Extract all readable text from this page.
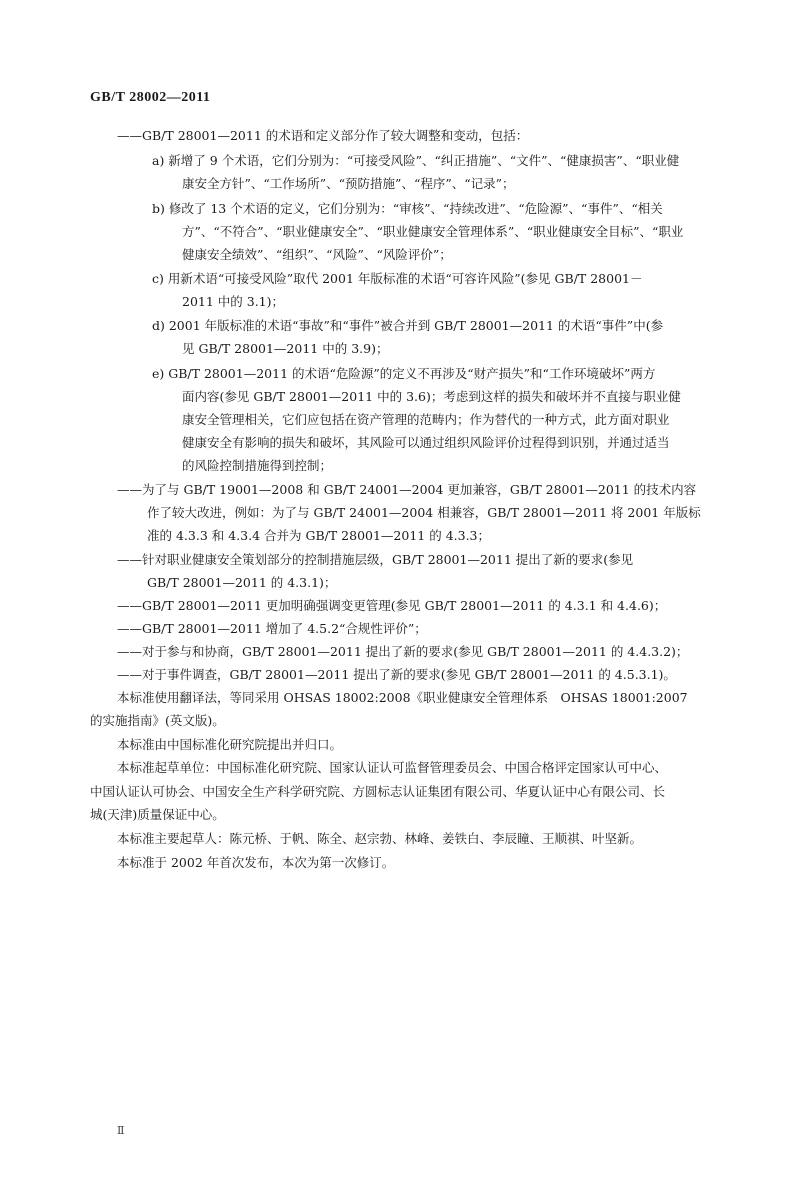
GB/T 28002—2011
——GB/T 28001—2011 的术语和定义部分作了较大调整和变动，包括：
a) 新增了 9 个术语，它们分别为：“可接受风险”、“纠正措施”、“文件”、“健康损害”、“职业健
康安全方针”、“工作场所”、“预防措施”、“程序”、“记录”；
b) 修改了 13 个术语的定义，它们分别为：“审核”、“持续改进”、“危险源”、“事件”、“相关
方”、“不符合”、“职业健康安全”、“职业健康安全管理体系”、“职业健康安全目标”、“职业
健康安全绩效”、“组织”、“风险”、“风险评价”；
c) 用新术语“可接受风险”取代 2001 年版标准的术语“可容许风险”(参见 GB/T 28001－
2011 中的 3.1)；
d) 2001 年版标准的术语“事故”和“事件”被合并到 GB/T 28001—2011 的术语“事件”中(参
见 GB/T 28001—2011 中的 3.9)；
e) GB/T 28001—2011 的术语“危险源”的定义不再涉及“财产损失”和“工作环境破坏”两方
面内容(参见 GB/T 28001—2011 中的 3.6)；考虑到这样的损失和破坏并不直接与职业健
康安全管理相关，它们应包括在资产管理的范畴内；作为替代的一种方式，此方面对职业
健康安全有影响的损失和破坏，其风险可以通过组织风险评价过程得到识别，并通过适当
的风险控制措施得到控制；
——为了与 GB/T 19001—2008 和 GB/T 24001—2004 更加兼容，GB/T 28001—2011 的技术内容
作了较大改进，例如：为了与 GB/T 24001—2004 相兼容，GB/T 28001—2011 将 2001 年版标
准的 4.3.3 和 4.3.4 合并为 GB/T 28001—2011 的 4.3.3；
——针对职业健康安全策划部分的控制措施层级，GB/T 28001—2011 提出了新的要求(参见
GB/T 28001—2011 的 4.3.1)；
——GB/T 28001—2011 更加明确强调变更管理(参见 GB/T 28001—2011 的 4.3.1 和 4.4.6)；
——GB/T 28001—2011 增加了 4.5.2“合规性评价”；
——对于参与和协商，GB/T 28001—2011 提出了新的要求(参见 GB/T 28001—2011 的 4.4.3.2)；
——对于事件调查，GB/T 28001—2011 提出了新的要求(参见 GB/T 28001—2011 的 4.5.3.1)。
本标准使用翻译法，等同采用 OHSAS 18002:2008《职业健康安全管理体系　OHSAS 18001:2007
的实施指南》(英文版)。
本标准由中国标准化研究院提出并归口。
本标准起草单位：中国标准化研究院、国家认证认可监督管理委员会、中国合格评定国家认可中心、
中国认证认可协会、中国安全生产科学研究院、方圆标志认证集团有限公司、华夏认证中心有限公司、长
城(天津)质量保证中心。
本标准主要起草人：陈元桥、于帆、陈全、赵宗勃、林峰、姜铁白、李辰瞳、王顺祺、叶坚新。
本标准于 2002 年首次发布，本次为第一次修订。
Ⅱ
